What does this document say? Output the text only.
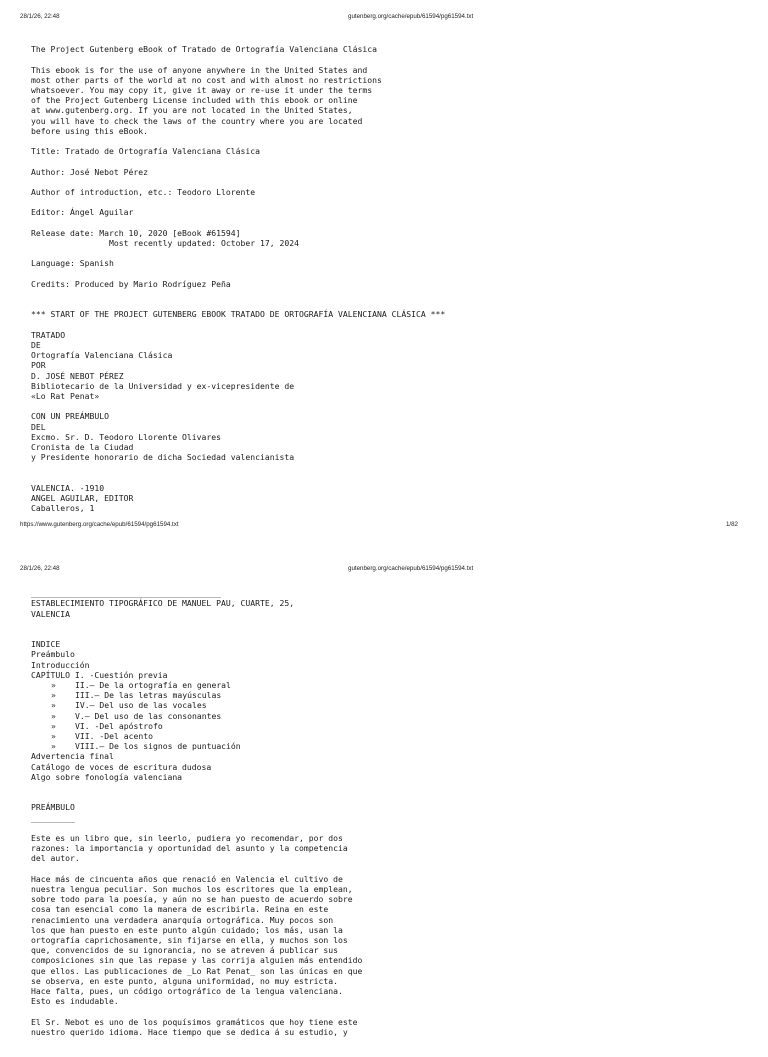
28/1/26, 22:48	gutenberg.org/cache/epub/61594/pg61594.txt

The Project Gutenberg eBook of Tratado de Ortografía Valenciana Clásica
This ebook is for the use of anyone anywhere in the United States and
most other parts of the world at no cost and with almost no restrictions
whatsoever. You may copy it, give it away or re-use it under the terms
of the Project Gutenberg License included with this ebook or online
at www.gutenberg.org. If you are not located in the United States,
you will have to check the laws of the country where you are located
before using this eBook.
Title: Tratado de Ortografía Valenciana Clásica
Author: José Nebot Pérez
Author of introduction, etc.: Teodoro Llorente
Editor: Ángel Aguilar
Release date: March 10, 2020 [eBook #61594]
Most recently updated: October 17, 2024
Language: Spanish
Credits: Produced by Mario Rodríguez Peña
*** START OF THE PROJECT GUTENBERG EBOOK TRATADO DE ORTOGRAFÍA VALENCIANA CLÁSICA ***
TRATADO
DE
Ortografía Valenciana Clásica
POR
D. JOSÉ NEBOT PÉREZ
Bibliotecario de la Universidad y ex-vicepresidente de
«Lo Rat Penat»
CON UN PREÁMBULO
DEL
Excmo. Sr. D. Teodoro Llorente Olivares
Cronista de la Ciudad
y Presidente honorario de dicha Sociedad valencianista
VALENCIA. -1910
ANGEL AGUILAR, EDITOR
Caballeros, 1

https://www.gutenberg.org/cache/epub/61594/pg61594.txt	1/82
28/1/26, 22:48	gutenberg.org/cache/epub/61594/pg61594.txt

_______________________________________
ESTABLECIMIENTO TIPOGRÁFICO DE MANUEL PAU, CUARTE, 25,
VALENCIA
INDICE
Preámbulo
Introducción
CAPÍTULO I. -Cuestión previa
» II.— De la ortografía en general
» III.— De las letras mayúsculas
» IV.— Del uso de las vocales
» V.— Del uso de las consonantes
» VI. -Del apóstrofo
» VII. -Del acento
» VIII.— De los signos de puntuación
Advertencia final
Catálogo de voces de escritura dudosa
Algo sobre fonología valenciana
PREÁMBULO
_________
Este es un libro que, sin leerlo, pudiera yo recomendar, por dos
razones: la importancia y oportunidad del asunto y la competencia
del autor.
Hace más de cincuenta años que renació en Valencia el cultivo de
nuestra lengua peculiar. Son muchos los escritores que la emplean,
sobre todo para la poesía, y aún no se han puesto de acuerdo sobre
cosa tan esencial como la manera de escribirla. Reina en este
renacimiento una verdadera anarquía ortográfica. Muy pocos son
los que han puesto en este punto algún cuidado; los más, usan la
ortografía caprichosamente, sin fijarse en ella, y muchos son los
que, convencidos de su ignorancia, no se atreven á publicar sus
composiciones sin que las repase y las corrija alguien más entendido
que ellos. Las publicaciones de _Lo Rat Penat_ son las únicas en que
se observa, en este punto, alguna uniformidad, no muy estricta.
Hace falta, pues, un código ortográfico de la lengua valenciana.
Esto es indudable.
El Sr. Nebot es uno de los poquísimos gramáticos que hoy tiene este
nuestro querido idioma. Hace tiempo que se dedica á su estudio, y
